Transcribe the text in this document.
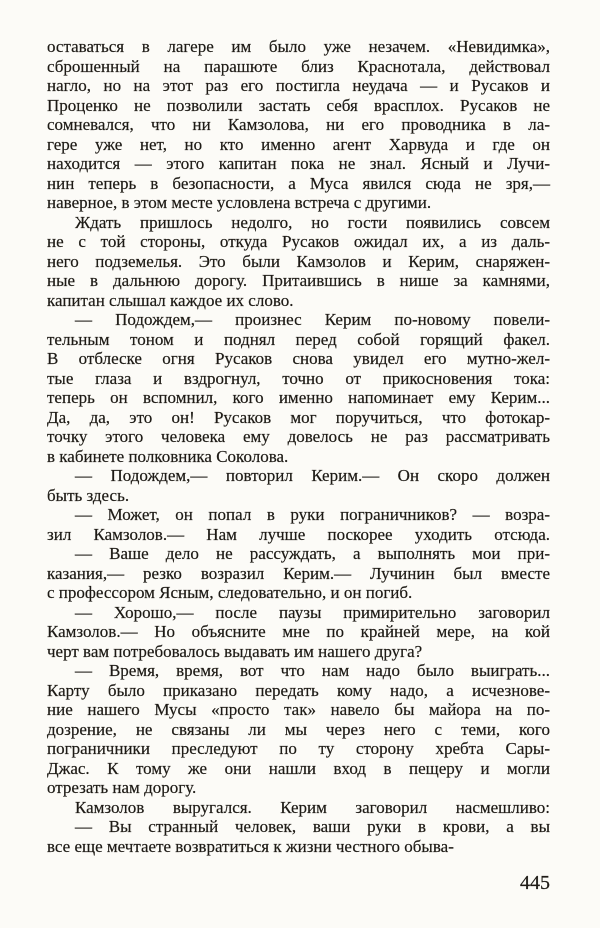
оставаться в лагере им было уже незачем. «Невидимка»,
сброшенный на парашюте близ Краснотала, действовал
нагло, но на этот раз его постигла неудача — и Русаков и
Проценко не позволили застать себя врасплох. Русаков не
сомневался, что ни Камзолова, ни его проводника в ла-
гере уже нет, но кто именно агент Харвуда и где он
находится — этого капитан пока не знал. Ясный и Лучи-
нин теперь в безопасности, а Муса явился сюда не зря,—
наверное, в этом месте условлена встреча с другими.

Ждать пришлось недолго, но гости появились совсем
не с той стороны, откуда Русаков ожидал их, а из даль-
него подземелья. Это были Камзолов и Керим, снаряжен-
ные в дальнюю дорогу. Притаившись в нише за камнями,
капитан слышал каждое их слово.

— Подождем,— произнес Керим по-новому повели-
тельным тоном и поднял перед собой горящий факел.
В отблеске огня Русаков снова увидел его мутно-жел-
тые глаза и вздрогнул, точно от прикосновения тока:
теперь он вспомнил, кого именно напоминает ему Керим...
Да, да, это он! Русаков мог поручиться, что фотокар-
точку этого человека ему довелось не раз рассматривать
в кабинете полковника Соколова.

— Подождем,— повторил Керим.— Он скоро должен
быть здесь.

— Может, он попал в руки пограничников? — возра-
зил Камзолов.— Нам лучше поскорее уходить отсюда.

— Ваше дело не рассуждать, а выполнять мои при-
казания,— резко возразил Керим.— Лучинин был вместе
с профессором Ясным, следовательно, и он погиб.

— Хорошо,— после паузы примирительно заговорил
Камзолов.— Но объясните мне по крайней мере, на кой
черт вам потребовалось выдавать им нашего друга?

— Время, время, вот что нам надо было выиграть...
Карту было приказано передать кому надо, а исчезнове-
ние нашего Мусы «просто так» навело бы майора на по-
дозрение, не связаны ли мы через него с теми, кого
пограничники преследуют по ту сторону хребта Сары-
Джас. К тому же они нашли вход в пещеру и могли
отрезать нам дорогу.

Камзолов выругался. Керим заговорил насмешливо:

— Вы странный человек, ваши руки в крови, а вы
все еще мечтаете возвратиться к жизни честного обыва-

445
